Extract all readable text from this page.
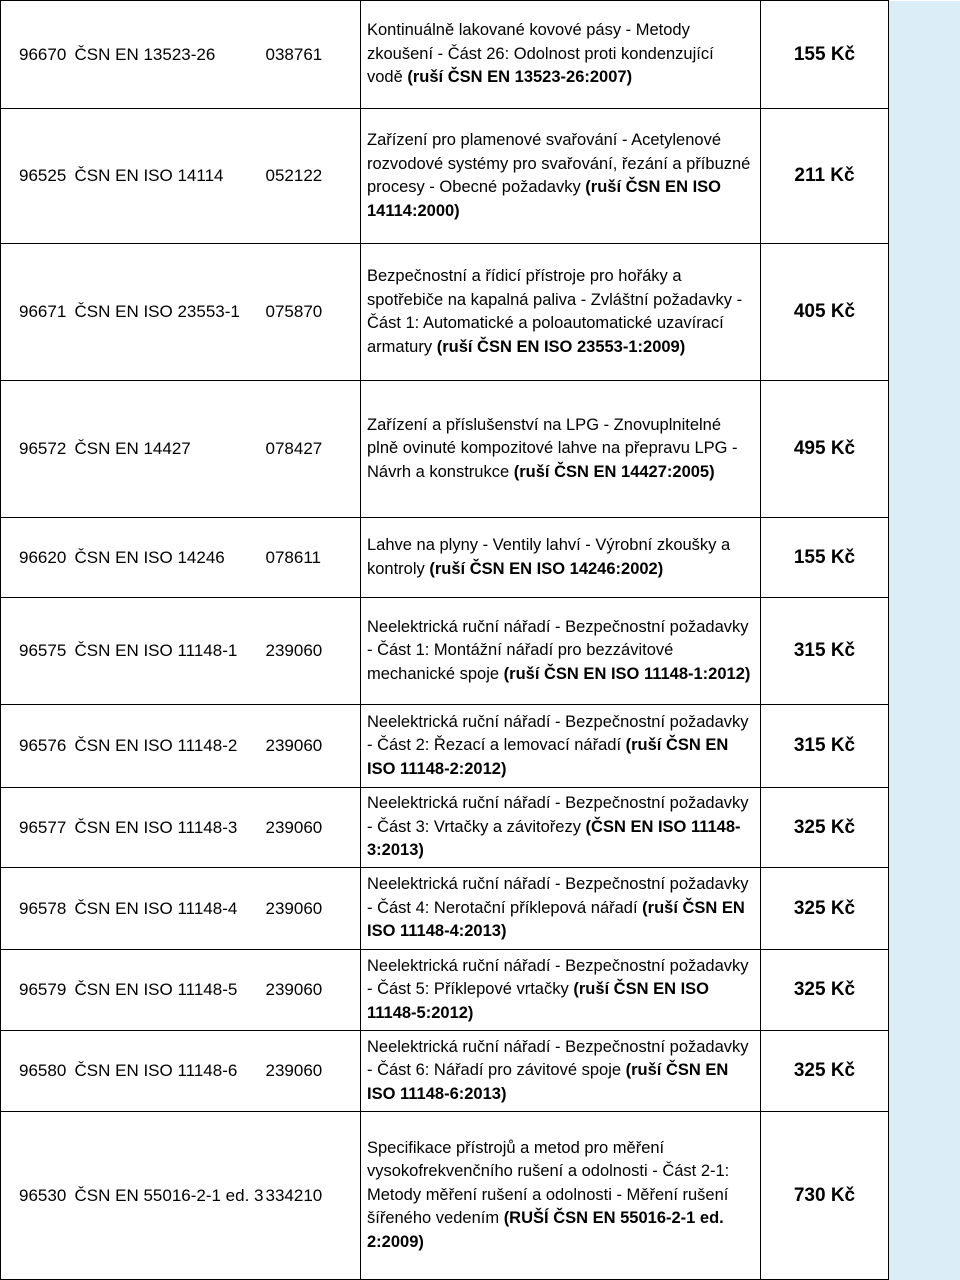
96670	ČSN EN 13523-26	038761	Kontinuálně lakované kovové pásy - Metody zkoušení - Část 26: Odolnost proti kondenzující vodě (ruší ČSN EN 13523-26:2007)	155 Kč	
96525	ČSN EN ISO 14114	052122	Zařízení pro plamenové svařování - Acetylenové rozvodové systémy pro svařování, řezání a příbuzné procesy - Obecné požadavky (ruší ČSN EN ISO 14114:2000)	211 Kč	
96671	ČSN EN ISO 23553-1	075870	Bezpečnostní a řídicí přístroje pro hořáky a spotřebiče na kapalná paliva - Zvláštní požadavky - Část 1: Automatické a poloautomatické uzavírací armatury (ruší ČSN EN ISO 23553-1:2009)	405 Kč	
96572	ČSN EN 14427	078427	Zařízení a příslušenství na LPG - Znovuplnitelné plně ovinuté kompozitové lahve na přepravu LPG - Návrh a konstrukce (ruší ČSN EN 14427:2005)	495 Kč	
96620	ČSN EN ISO 14246	078611	Lahve na plyny - Ventily lahví - Výrobní zkoušky a kontroly (ruší ČSN EN ISO 14246:2002)	155 Kč	
96575	ČSN EN ISO 11148-1	239060	Neelektrická ruční nářadí - Bezpečnostní požadavky - Část 1: Montážní nářadí pro bezzávitové mechanické spoje (ruší ČSN EN ISO 11148-1:2012)	315 Kč	
96576	ČSN EN ISO 11148-2	239060	Neelektrická ruční nářadí - Bezpečnostní požadavky - Část 2: Řezací a lemovací nářadí (ruší ČSN EN ISO 11148-2:2012)	315 Kč	
96577	ČSN EN ISO 11148-3	239060	Neelektrická ruční nářadí - Bezpečnostní požadavky - Část 3: Vrtačky a závitořezy (ČSN EN ISO 11148-3:2013)	325 Kč	
96578	ČSN EN ISO 11148-4	239060	Neelektrická ruční nářadí - Bezpečnostní požadavky - Část 4: Nerotační příklepová nářadí (ruší ČSN EN ISO 11148-4:2013)	325 Kč	
96579	ČSN EN ISO 11148-5	239060	Neelektrická ruční nářadí - Bezpečnostní požadavky - Část 5: Příklepové vrtačky (ruší ČSN EN ISO 11148-5:2012)	325 Kč	
96580	ČSN EN ISO 11148-6	239060	Neelektrická ruční nářadí - Bezpečnostní požadavky - Část 6: Nářadí pro závitové spoje (ruší ČSN EN ISO 11148-6:2013)	325 Kč	
96530	ČSN EN 55016-2-1 ed. 3	334210	Specifikace přístrojů a metod pro měření vysokofrekvenčního rušení a odolnosti - Část 2-1: Metody měření rušení a odolnosti - Měření rušení šířeného vedením (RUŠÍ ČSN EN 55016-2-1 ed. 2:2009)	730 Kč	
